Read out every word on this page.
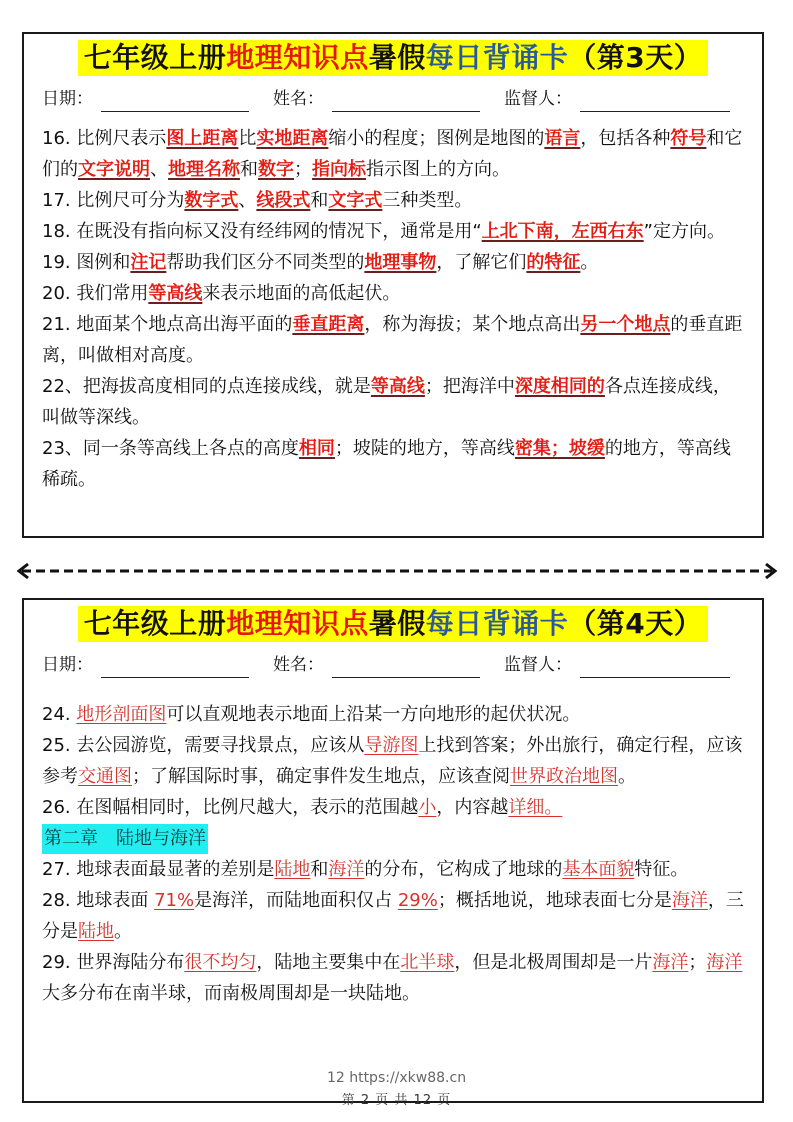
七年级上册地理知识点暑假每日背诵卡（第3天）
日期：	姓名：	监督人：
16. 比例尺表示图上距离比实地距离缩小的程度；图例是地图的语言，包括各种符号和它们的文字说明、地理名称和数字；指向标指示图上的方向。
17. 比例尺可分为数字式、线段式和文字式三种类型。
18. 在既没有指向标又没有经纬网的情况下，通常是用“上北下南，左西右东”定方向。
19. 图例和注记帮助我们区分不同类型的地理事物，了解它们的特征。
20. 我们常用等高线来表示地面的高低起伏。
21. 地面某个地点高出海平面的垂直距离，称为海拔；某个地点高出另一个地点的垂直距离，叫做相对高度。
22、把海拔高度相同的点连接成线，就是等高线；把海洋中深度相同的各点连接成线，叫做等深线。
23、同一条等高线上各点的高度相同；坡陡的地方，等高线密集；坡缓的地方，等高线稀疏。
七年级上册地理知识点暑假每日背诵卡（第4天）
日期：	姓名：	监督人：
24. 地形剖面图可以直观地表示地面上沿某一方向地形的起伏状况。
25. 去公园游览，需要寻找景点，应该从导游图上找到答案；外出旅行，确定行程，应该参考交通图；了解国际时事，确定事件发生地点，应该查阅世界政治地图。
26. 在图幅相同时，比例尺越大，表示的范围越小，内容越详细。
第二章　陆地与海洋
27. 地球表面最显著的差别是陆地和海洋的分布，它构成了地球的基本面貌特征。
28. 地球表面 71%是海洋，而陆地面积仅占 29%；概括地说，地球表面七分是海洋，三分是陆地。
29. 世界海陆分布很不均匀，陆地主要集中在北半球，但是北极周围却是一片海洋；海洋大多分布在南半球，而南极周围却是一块陆地。
12 https://xkw88.cn
第 2 页 共 12 页
